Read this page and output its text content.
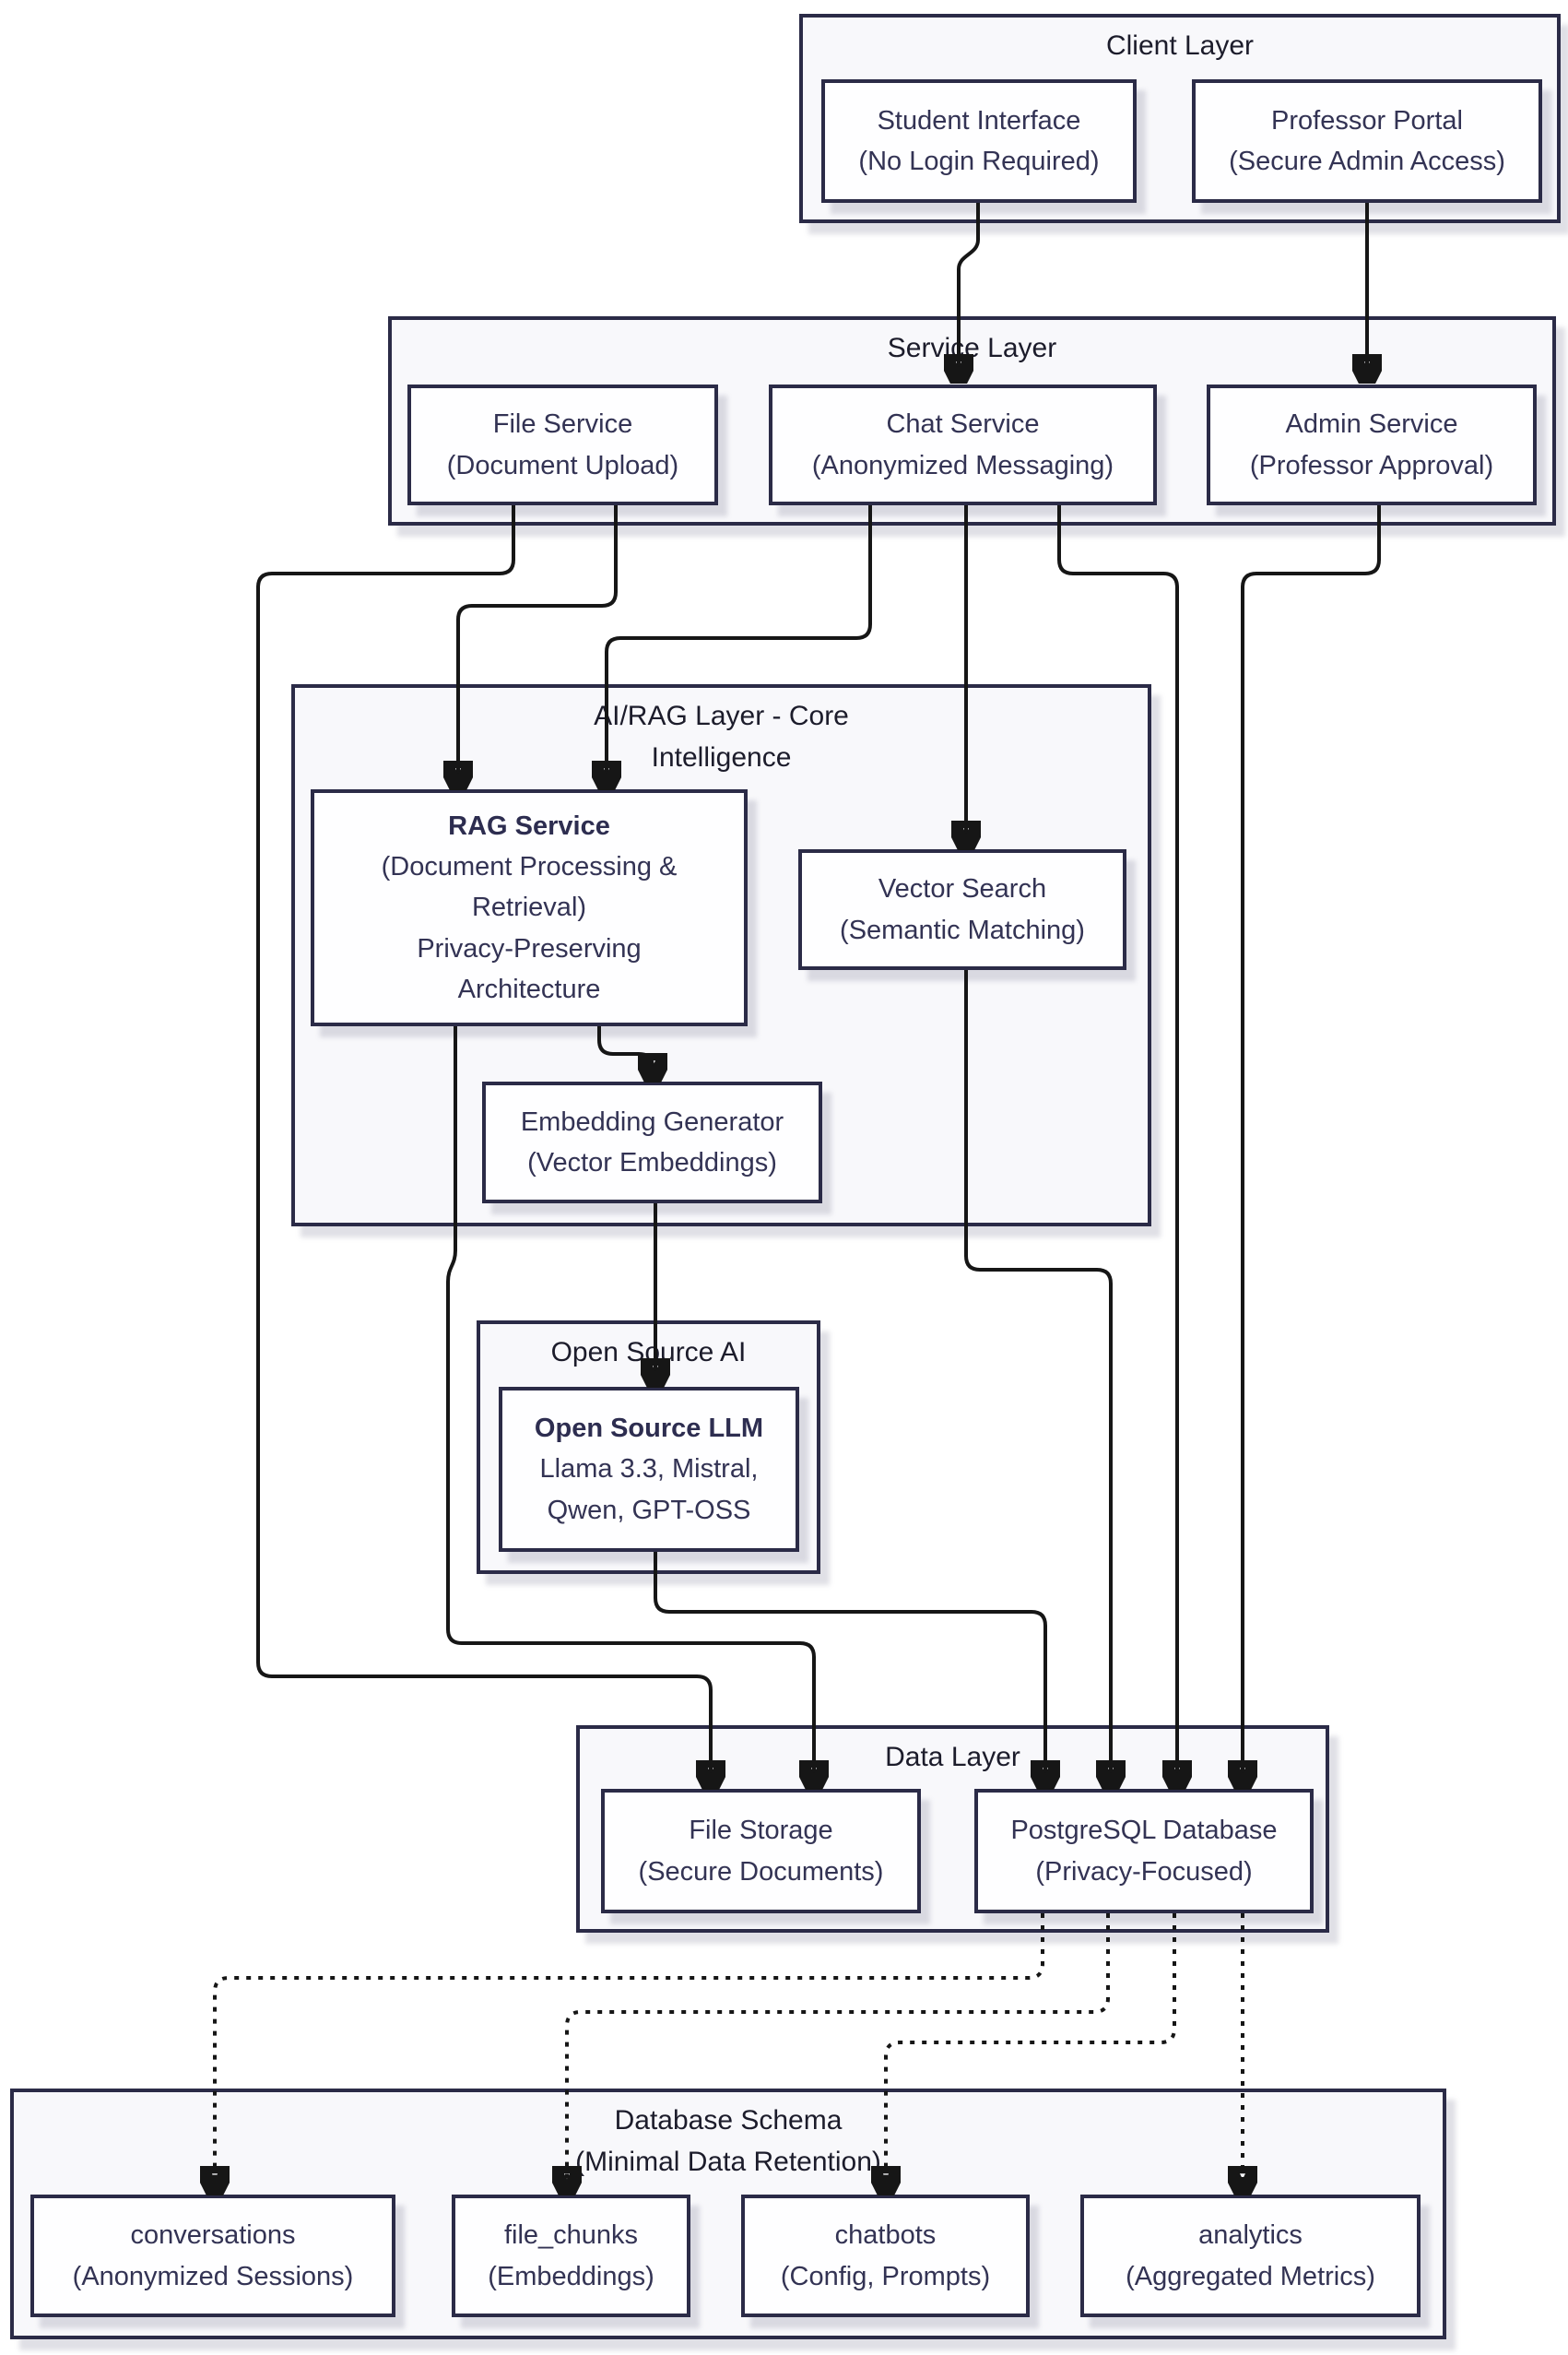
Client Layer
Service Layer
AI/RAG Layer - Core
Intelligence
Open Source AI
Data Layer
Database Schema
(Minimal Data Retention)
Student Interface
(No Login Required)
Professor Portal
(Secure Admin Access)
File Service
(Document Upload)
Chat Service
(Anonymized Messaging)
Admin Service
(Professor Approval)
RAG Service
(Document Processing & Retrieval)
Privacy-Preserving Architecture
Vector Search
(Semantic Matching)
Embedding Generator
(Vector Embeddings)
Open Source LLM
Llama 3.3, Mistral, Qwen, GPT-OSS
File Storage
(Secure Documents)
PostgreSQL Database
(Privacy-Focused)
conversations
(Anonymized Sessions)
file_chunks
(Embeddings)
chatbots
(Config, Prompts)
analytics
(Aggregated Metrics)
